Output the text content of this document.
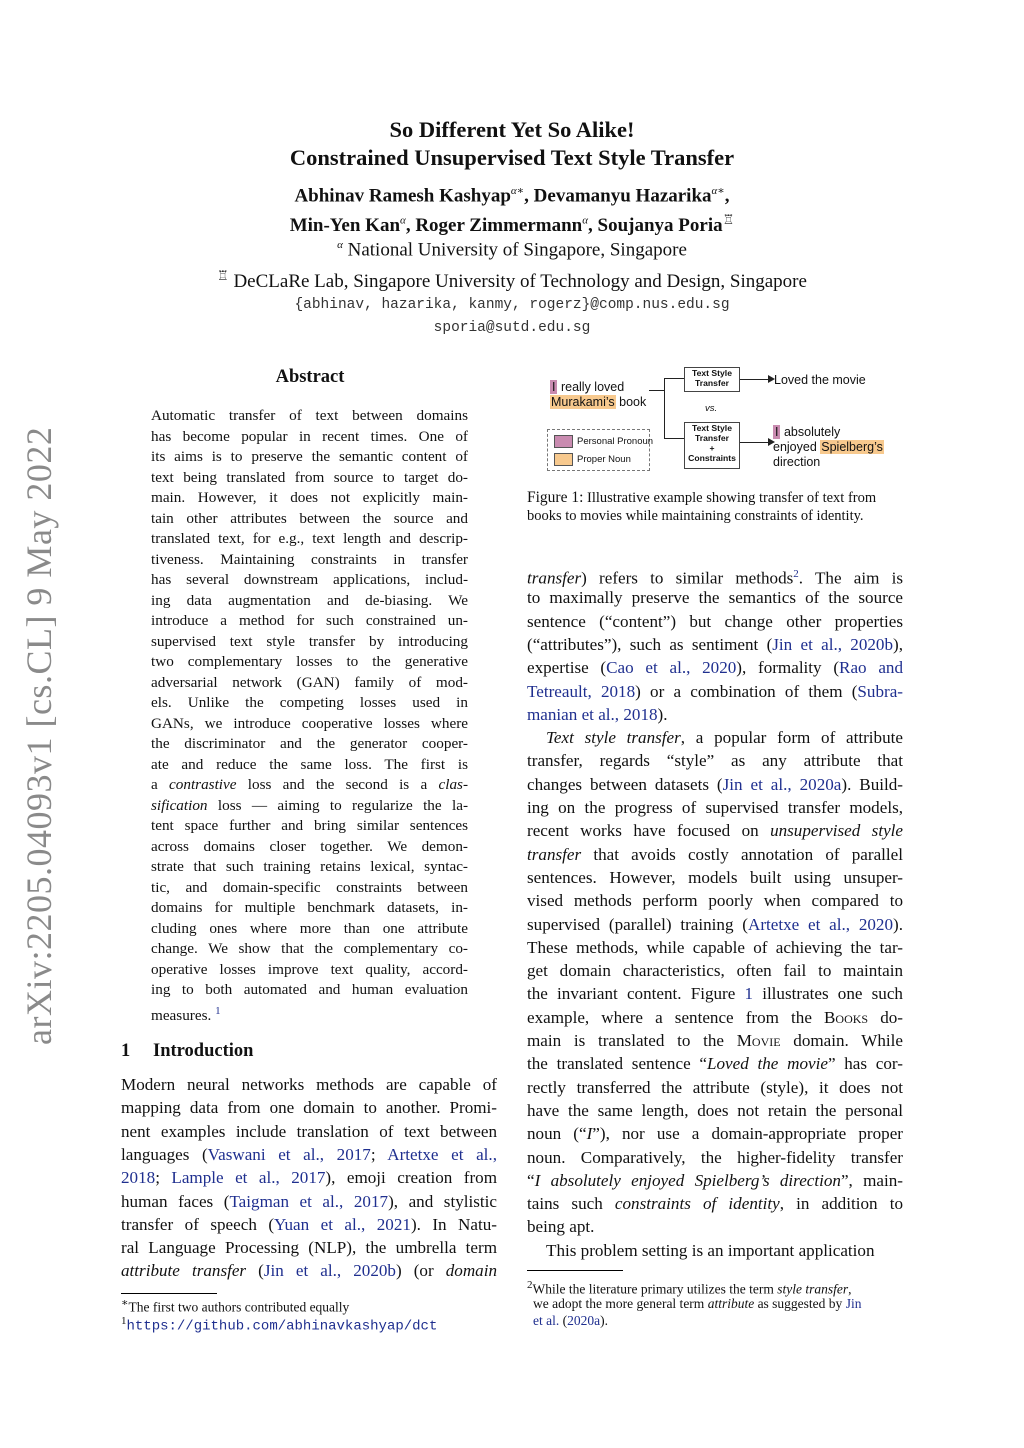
arXiv:2205.04093v1 [cs.CL] 9 May 2022
So Different Yet So Alike!
Constrained Unsupervised Text Style Transfer
Abhinav Ramesh Kashyap$^{\alpha∗}$, Devamanyu Hazarika$^{\alpha∗}$,
Min-Yen Kan$^\alpha$, Roger Zimmermann$^\alpha$, Soujanya Poria♖
$^\alpha$ National University of Singapore, Singapore
♖ DeCLaRe Lab, Singapore University of Technology and Design, Singapore
{abhinav, hazarika, kanmy, rogerz}@comp.nus.edu.sg
sporia@sutd.edu.sg
Abstract
Automatic transfer of text between domains
has become popular in recent times. One of
its aims is to preserve the semantic content of
text being translated from source to target do-
main. However, it does not explicitly main-
tain other attributes between the source and
translated text, for e.g., text length and descrip-
tiveness. Maintaining constraints in transfer
has several downstream applications, includ-
ing data augmentation and de-biasing. We
introduce a method for such constrained un-
supervised text style transfer by introducing
two complementary losses to the generative
adversarial network (GAN) family of mod-
els. Unlike the competing losses used in
GANs, we introduce cooperative losses where
the discriminator and the generator cooper-
ate and reduce the same loss. The first is
a contrastive loss and the second is a clas-
sification loss — aiming to regularize the la-
tent space further and bring similar sentences
across domains closer together. We demon-
strate that such training retains lexical, syntac-
tic, and domain-specific constraints between
domains for multiple benchmark datasets, in-
cluding ones where more than one attribute
change. We show that the complementary co-
operative losses improve text quality, accord-
ing to both automated and human evaluation
measures. $^1$
1 Introduction
Modern neural networks methods are capable of
mapping data from one domain to another. Promi-
nent examples include translation of text between
languages (Vaswani et al., 2017; Artetxe et al.,
2018; Lample et al., 2017), emoji creation from
human faces (Taigman et al., 2017), and stylistic
transfer of speech (Yuan et al., 2021). In Natu-
ral Language Processing (NLP), the umbrella term
attribute transfer (Jin et al., 2020b) (or domain
∗The first two authors contributed equally
$^1$https://github.com/abhinavkashyap/dct
I really loved
Murakami’s book
Text Style
Transfer
vs.
Text Style
Transfer
+
Constraints
Loved the movie
I absolutely
enjoyed Spielberg’s
direction
Personal Pronoun
Proper Noun
Figure 1: Illustrative example showing transfer of text from
books to movies while maintaining constraints of identity.
transfer) refers to similar methods$^2$. The aim is
to maximally preserve the semantics of the source
sentence (“content”) but change other properties
(“attributes”), such as sentiment (Jin et al., 2020b),
expertise (Cao et al., 2020), formality (Rao and
Tetreault, 2018) or a combination of them (Subra-
manian et al., 2018).
Text style transfer, a popular form of attribute
transfer, regards “style” as any attribute that
changes between datasets (Jin et al., 2020a). Build-
ing on the progress of supervised transfer models,
recent works have focused on unsupervised style
transfer that avoids costly annotation of parallel
sentences. However, models built using unsuper-
vised methods perform poorly when compared to
supervised (parallel) training (Artetxe et al., 2020).
These methods, while capable of achieving the tar-
get domain characteristics, often fail to maintain
the invariant content. Figure 1 illustrates one such
example, where a sentence from the Books do-
main is translated to the Movie domain. While
the translated sentence “Loved the movie” has cor-
rectly transferred the attribute (style), it does not
have the same length, does not retain the personal
noun (“I”), nor use a domain-appropriate proper
noun. Comparatively, the higher-fidelity transfer
“I absolutely enjoyed Spielberg’s direction”, main-
tains such constraints of identity, in addition to
being apt.
This problem setting is an important application
$^2$While the literature primary utilizes the term style transfer,
we adopt the more general term attribute as suggested by Jin
et al. (2020a).
